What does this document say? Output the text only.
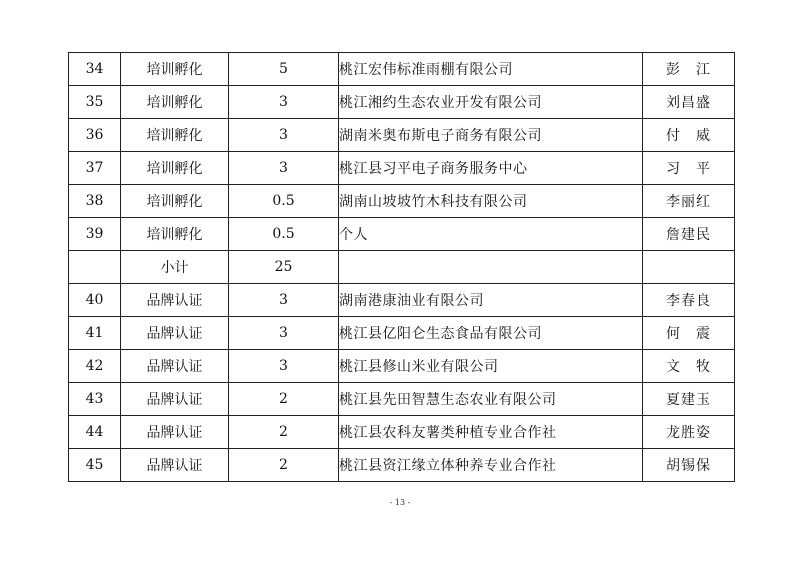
34	培训孵化	5	桃江宏伟标准雨棚有限公司	彭　江
35	培训孵化	3	桃江湘约生态农业开发有限公司	刘昌盛
36	培训孵化	3	湖南米奥布斯电子商务有限公司	付　威
37	培训孵化	3	桃江县习平电子商务服务中心	习　平
38	培训孵化	0.5	湖南山坡坡竹木科技有限公司	李丽红
39	培训孵化	0.5	个人	詹建民
	小计	25		
40	品牌认证	3	湖南港康油业有限公司	李春良
41	品牌认证	3	桃江县亿阳仑生态食品有限公司	何　震
42	品牌认证	3	桃江县修山米业有限公司	文　牧
43	品牌认证	2	桃江县先田智慧生态农业有限公司	夏建玉
44	品牌认证	2	桃江县农科友薯类种植专业合作社	龙胜姿
45	品牌认证	2	桃江县资江缘立体种养专业合作社	胡锡保
- 13 -
